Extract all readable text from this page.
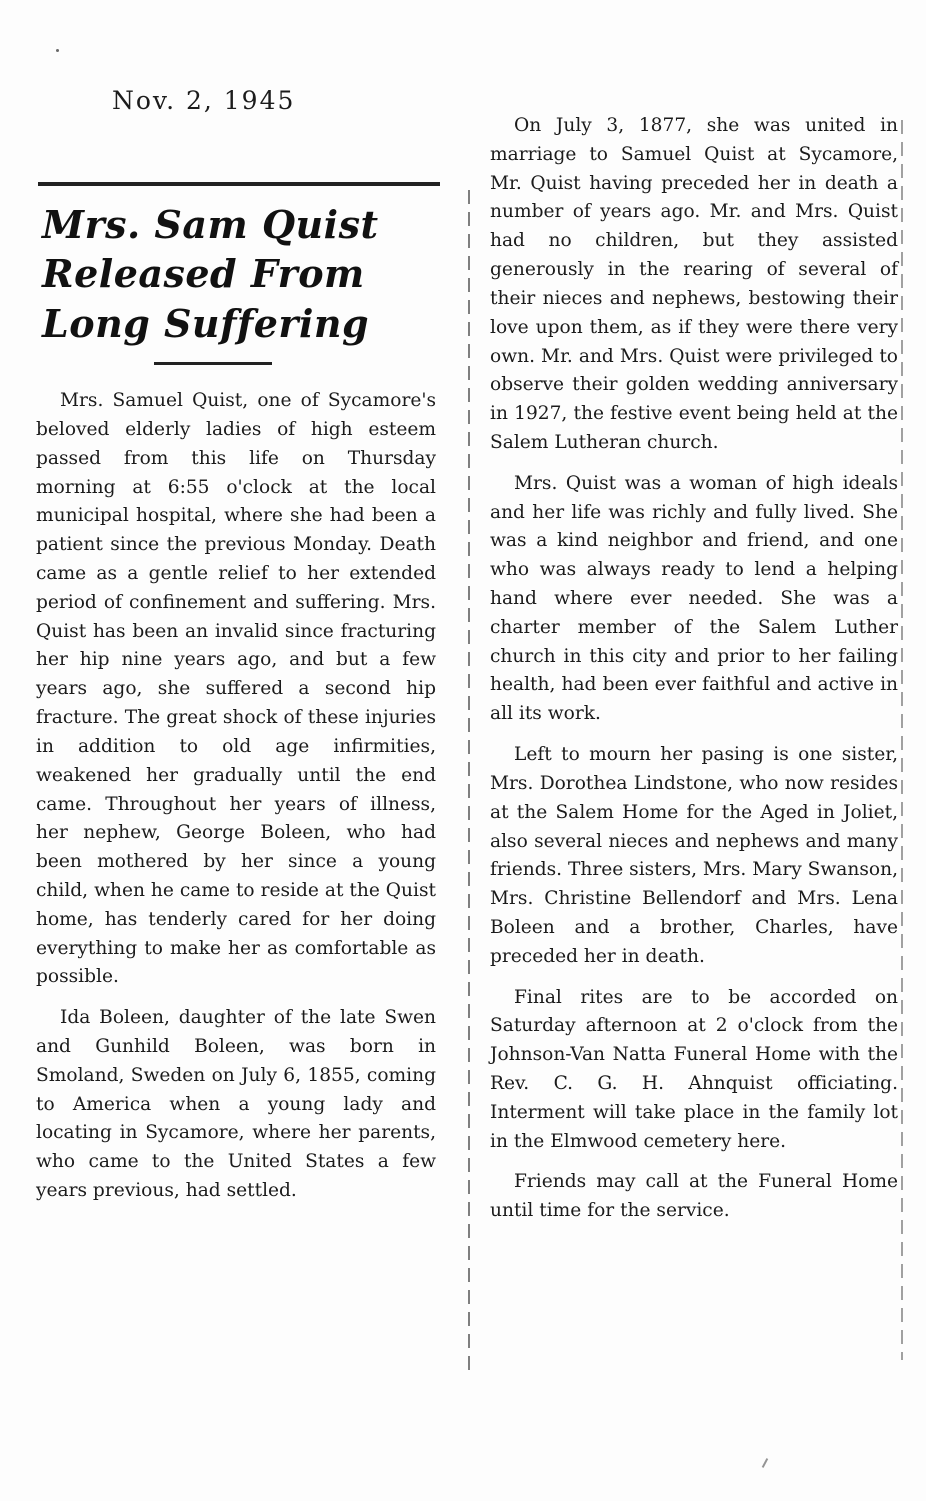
Nov. 2, 1945
Mrs. Sam Quist
Released From
Long Suffering

Mrs. Samuel Quist, one of Sycamore's beloved elderly ladies of high esteem passed from this life on Thursday morning at 6:55 o'clock at the local municipal hospital, where she had been a patient since the previous Monday. Death came as a gentle relief to her extended period of confinement and suffering. Mrs. Quist has been an invalid since fracturing her hip nine years ago, and but a few years ago, she suffered a second hip fracture. The great shock of these injuries in addition to old age infirmities, weakened her gradually until the end came. Throughout her years of illness, her nephew, George Boleen, who had been mothered by her since a young child, when he came to reside at the Quist home, has tenderly cared for her doing everything to make her as comfortable as possible.

Ida Boleen, daughter of the late Swen and Gunhild Boleen, was born in Smoland, Sweden on July 6, 1855, coming to America when a young lady and locating in Sycamore, where her parents, who came to the United States a few years previous, had settled.

On July 3, 1877, she was united in marriage to Samuel Quist at Sycamore, Mr. Quist having preceded her in death a number of years ago. Mr. and Mrs. Quist had no children, but they assisted generously in the rearing of several of their nieces and nephews, bestowing their love upon them, as if they were there very own. Mr. and Mrs. Quist were privileged to observe their golden wedding anniversary in 1927, the festive event being held at the Salem Lutheran church.

Mrs. Quist was a woman of high ideals and her life was richly and fully lived. She was a kind neighbor and friend, and one who was always ready to lend a helping hand where ever needed. She was a charter member of the Salem Luther church in this city and prior to her failing health, had been ever faithful and active in all its work.

Left to mourn her pasing is one sister, Mrs. Dorothea Lindstone, who now resides at the Salem Home for the Aged in Joliet, also several nieces and nephews and many friends. Three sisters, Mrs. Mary Swanson, Mrs. Christine Bellendorf and Mrs. Lena Boleen and a brother, Charles, have preceded her in death.

Final rites are to be accorded on Saturday afternoon at 2 o'clock from the Johnson-Van Natta Funeral Home with the Rev. C. G. H. Ahnquist officiating. Interment will take place in the family lot in the Elmwood cemetery here.

Friends may call at the Funeral Home until time for the service.
